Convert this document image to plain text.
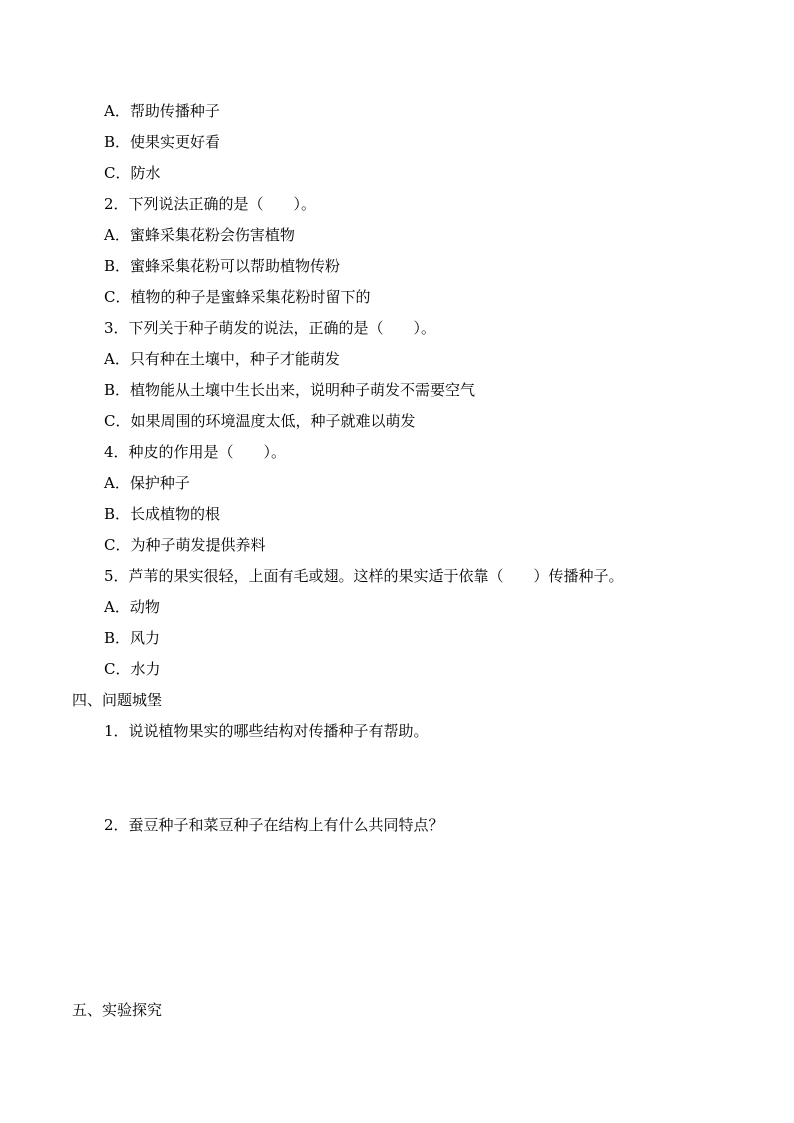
A．帮助传播种子
B．使果实更好看
C．防水
2．下列说法正确的是（　　）。
A．蜜蜂采集花粉会伤害植物
B．蜜蜂采集花粉可以帮助植物传粉
C．植物的种子是蜜蜂采集花粉时留下的
3．下列关于种子萌发的说法，正确的是（　　）。
A．只有种在土壤中，种子才能萌发
B．植物能从土壤中生长出来，说明种子萌发不需要空气
C．如果周围的环境温度太低，种子就难以萌发
4．种皮的作用是（　　）。
A．保护种子
B．长成植物的根
C．为种子萌发提供养料
5．芦苇的果实很轻，上面有毛或翅。这样的果实适于依靠（　　）传播种子。
A．动物
B．风力
C．水力
四、问题城堡
1．说说植物果实的哪些结构对传播种子有帮助。
2．蚕豆种子和菜豆种子在结构上有什么共同特点？
五、实验探究
